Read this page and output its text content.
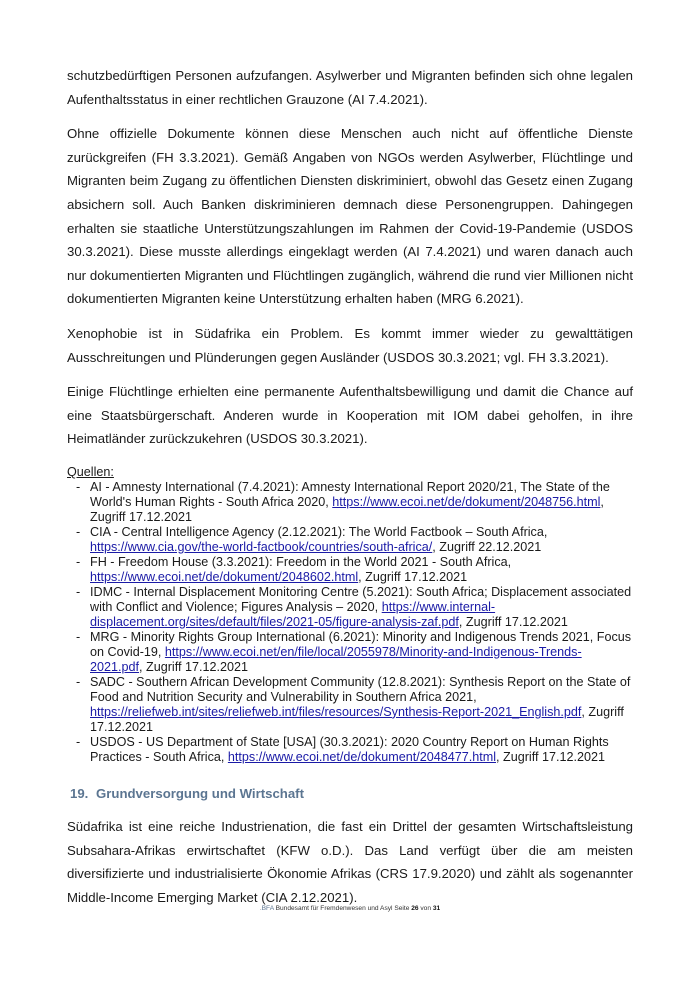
schutzbedürftigen Personen aufzufangen. Asylwerber und Migranten befinden sich ohne legalen Aufenthaltsstatus in einer rechtlichen Grauzone (AI 7.4.2021).

Ohne offizielle Dokumente können diese Menschen auch nicht auf öffentliche Dienste zurückgreifen (FH 3.3.2021). Gemäß Angaben von NGOs werden Asylwerber, Flüchtlinge und Migranten beim Zugang zu öffentlichen Diensten diskriminiert, obwohl das Gesetz einen Zugang absichern soll. Auch Banken diskriminieren demnach diese Personengruppen. Dahingegen erhalten sie staatliche Unterstützungszahlungen im Rahmen der Covid-19-Pandemie (USDOS 30.3.2021). Diese musste allerdings eingeklagt werden (AI 7.4.2021) und waren danach auch nur dokumentierten Migranten und Flüchtlingen zugänglich, während die rund vier Millionen nicht dokumentierten Migranten keine Unterstützung erhalten haben (MRG 6.2021).

Xenophobie ist in Südafrika ein Problem. Es kommt immer wieder zu gewalttätigen Ausschreitungen und Plünderungen gegen Ausländer (USDOS 30.3.2021; vgl. FH 3.3.2021).

Einige Flüchtlinge erhielten eine permanente Aufenthaltsbewilligung und damit die Chance auf eine Staatsbürgerschaft. Anderen wurde in Kooperation mit IOM dabei geholfen, in ihre Heimatländer zurückzukehren (USDOS 30.3.2021).

Quellen:

- AI - Amnesty International (7.4.2021): Amnesty International Report 2020/21, The State of the World's Human Rights - South Africa 2020, https://www.ecoi.net/de/dokument/2048756.html, Zugriff 17.12.2021
- CIA - Central Intelligence Agency (2.12.2021): The World Factbook – South Africa, https://www.cia.gov/the-world-factbook/countries/south-africa/, Zugriff 22.12.2021
- FH - Freedom House (3.3.2021): Freedom in the World 2021 - South Africa, https://www.ecoi.net/de/dokument/2048602.html, Zugriff 17.12.2021
- IDMC - Internal Displacement Monitoring Centre (5.2021): South Africa; Displacement associated with Conflict and Violence; Figures Analysis – 2020, https://www.internal-displacement.org/sites/default/files/2021-05/figure-analysis-zaf.pdf, Zugriff 17.12.2021
- MRG - Minority Rights Group International (6.2021): Minority and Indigenous Trends 2021, Focus on Covid-19, https://www.ecoi.net/en/file/local/2055978/Minority-and-Indigenous-Trends-2021.pdf, Zugriff 17.12.2021
- SADC - Southern African Development Community (12.8.2021): Synthesis Report on the State of Food and Nutrition Security and Vulnerability in Southern Africa 2021, https://reliefweb.int/sites/reliefweb.int/files/resources/Synthesis-Report-2021_English.pdf, Zugriff 17.12.2021
- USDOS - US Department of State [USA] (30.3.2021): 2020 Country Report on Human Rights Practices - South Africa, https://www.ecoi.net/de/dokument/2048477.html, Zugriff 17.12.2021
19. Grundversorgung und Wirtschaft

Südafrika ist eine reiche Industrienation, die fast ein Drittel der gesamten Wirtschaftsleistung Subsahara-Afrikas erwirtschaftet (KFW o.D.). Das Land verfügt über die am meisten diversifizierte und industrialisierte Ökonomie Afrikas (CRS 17.9.2020) und zählt als sogenannter Middle-Income Emerging Market (CIA 2.12.2021).

.BFA Bundesamt für Fremdenwesen und Asyl Seite 26 von 31
